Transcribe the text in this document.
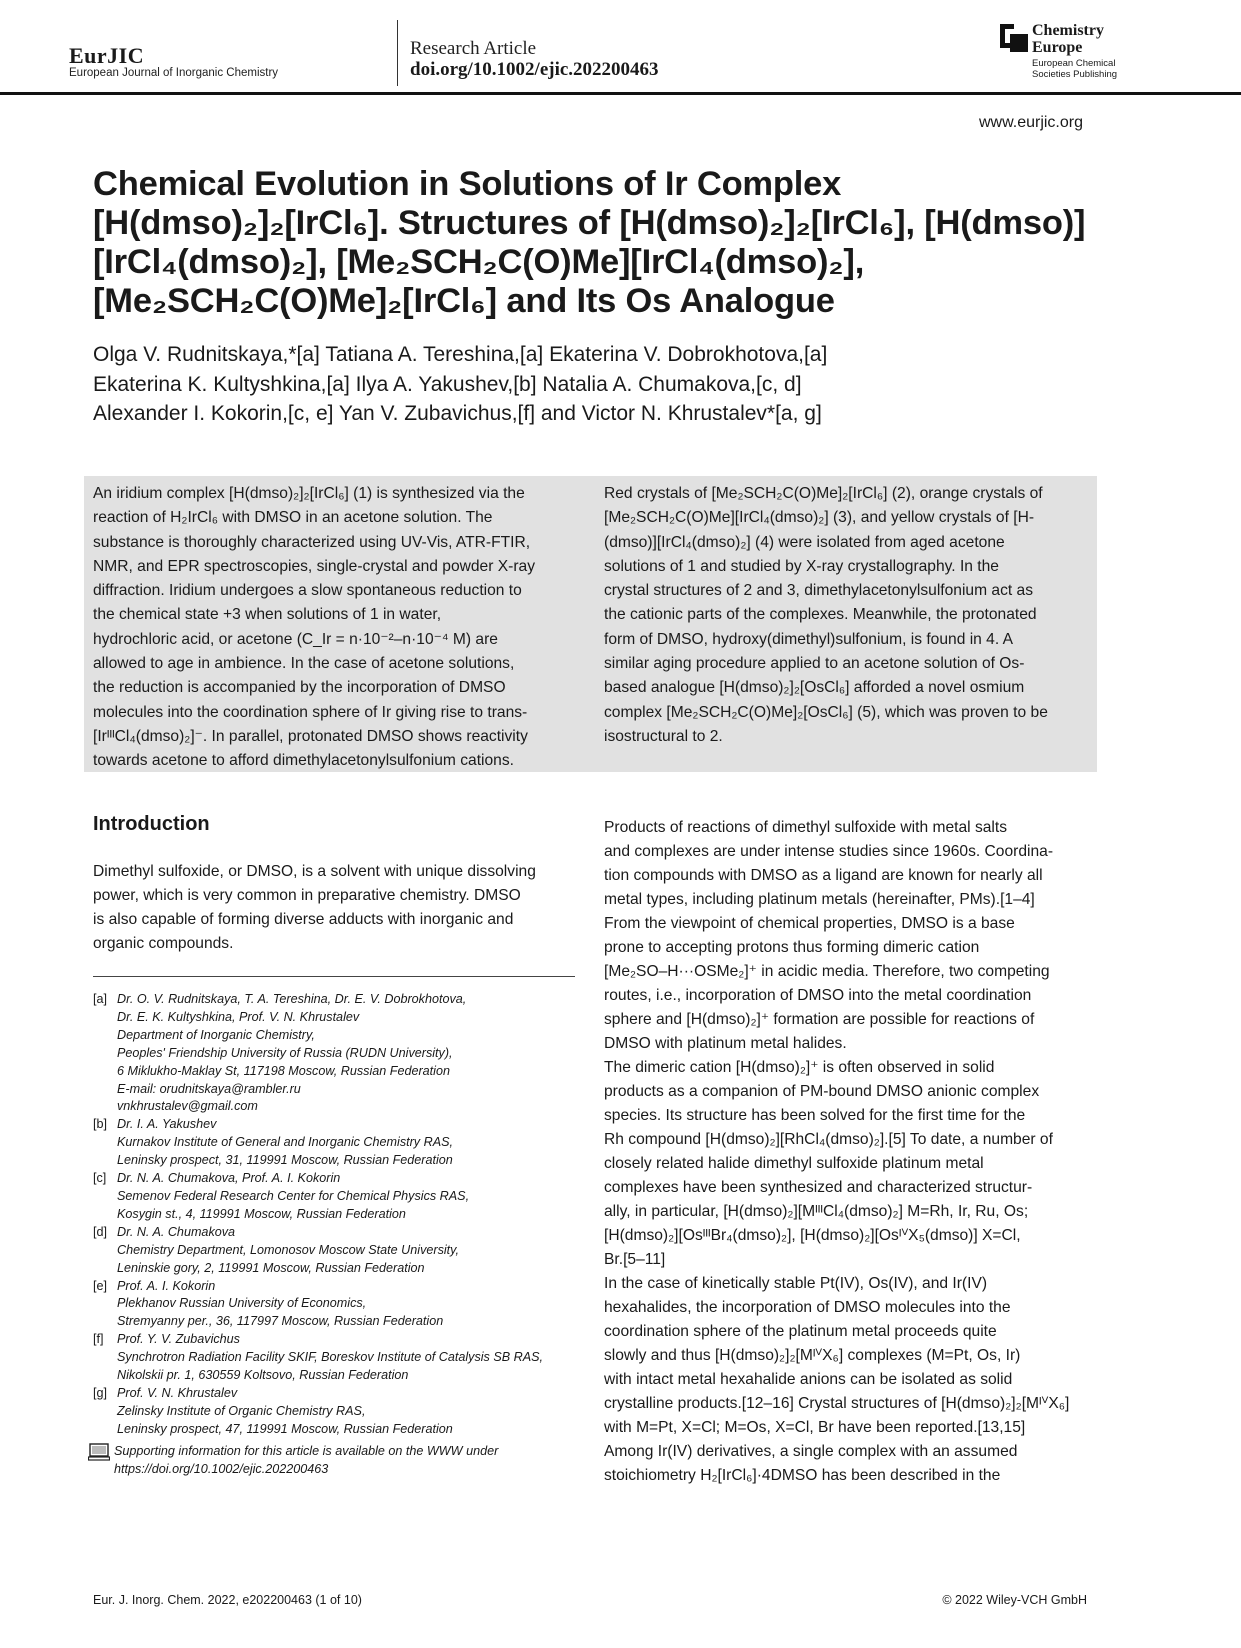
EurJIC
European Journal of Inorganic Chemistry
Research Article
doi.org/10.1002/ejic.202200463
Chemistry
Europe
European Chemical
Societies Publishing
www.eurjic.org
Chemical Evolution in Solutions of Ir Complex [H(dmso)₂]₂[IrCl₆]. Structures of [H(dmso)₂]₂[IrCl₆], [H(dmso)][IrCl₄(dmso)₂], [Me₂SCH₂C(O)Me][IrCl₄(dmso)₂], [Me₂SCH₂C(O)Me]₂[IrCl₆] and Its Os Analogue
Olga V. Rudnitskaya,*[a] Tatiana A. Tereshina,[a] Ekaterina V. Dobrokhotova,[a]
Ekaterina K. Kultyshkina,[a] Ilya A. Yakushev,[b] Natalia A. Chumakova,[c, d]
Alexander I. Kokorin,[c, e] Yan V. Zubavichus,[f] and Victor N. Khrustalev*[a, g]
An iridium complex [H(dmso)₂]₂[IrCl₆] (1) is synthesized via the
reaction of H₂IrCl₆ with DMSO in an acetone solution. The
substance is thoroughly characterized using UV-Vis, ATR-FTIR,
NMR, and EPR spectroscopies, single-crystal and powder X-ray
diffraction. Iridium undergoes a slow spontaneous reduction to
the chemical state +3 when solutions of 1 in water,
hydrochloric acid, or acetone (C_Ir = n·10⁻²–n·10⁻⁴ M) are
allowed to age in ambience. In the case of acetone solutions,
the reduction is accompanied by the incorporation of DMSO
molecules into the coordination sphere of Ir giving rise to trans-
[IrᴵᴵᴵCl₄(dmso)₂]⁻. In parallel, protonated DMSO shows reactivity
towards acetone to afford dimethylacetonylsulfonium cations.
Red crystals of [Me₂SCH₂C(O)Me]₂[IrCl₆] (2), orange crystals of
[Me₂SCH₂C(O)Me][IrCl₄(dmso)₂] (3), and yellow crystals of [H-
(dmso)][IrCl₄(dmso)₂] (4) were isolated from aged acetone
solutions of 1 and studied by X-ray crystallography. In the
crystal structures of 2 and 3, dimethylacetonylsulfonium act as
the cationic parts of the complexes. Meanwhile, the protonated
form of DMSO, hydroxy(dimethyl)sulfonium, is found in 4. A
similar aging procedure applied to an acetone solution of Os-
based analogue [H(dmso)₂]₂[OsCl₆] afforded a novel osmium
complex [Me₂SCH₂C(O)Me]₂[OsCl₆] (5), which was proven to be
isostructural to 2.
Introduction
Dimethyl sulfoxide, or DMSO, is a solvent with unique dissolving
power, which is very common in preparative chemistry. DMSO
is also capable of forming diverse adducts with inorganic and
organic compounds.
[a] Dr. O. V. Rudnitskaya, T. A. Tereshina, Dr. E. V. Dobrokhotova,
Dr. E. K. Kultyshkina, Prof. V. N. Khrustalev
Department of Inorganic Chemistry,
Peoples' Friendship University of Russia (RUDN University),
6 Miklukho-Maklay St, 117198 Moscow, Russian Federation
E-mail: orudnitskaya@rambler.ru
vnkhrustalev@gmail.com
[b] Dr. I. A. Yakushev
Kurnakov Institute of General and Inorganic Chemistry RAS,
Leninsky prospect, 31, 119991 Moscow, Russian Federation
[c] Dr. N. A. Chumakova, Prof. A. I. Kokorin
Semenov Federal Research Center for Chemical Physics RAS,
Kosygin st., 4, 119991 Moscow, Russian Federation
[d] Dr. N. A. Chumakova
Chemistry Department, Lomonosov Moscow State University,
Leninskie gory, 2, 119991 Moscow, Russian Federation
[e] Prof. A. I. Kokorin
Plekhanov Russian University of Economics,
Stremyanny per., 36, 117997 Moscow, Russian Federation
[f]	Prof. Y. V. Zubavichus
Synchrotron Radiation Facility SKIF, Boreskov Institute of Catalysis SB RAS,
Nikolskii pr. 1, 630559 Koltsovo, Russian Federation
[g] Prof. V. N. Khrustalev
Zelinsky Institute of Organic Chemistry RAS,
Leninsky prospect, 47, 119991 Moscow, Russian Federation
Supporting information for this article is available on the WWW under
https://doi.org/10.1002/ejic.202200463
Products of reactions of dimethyl sulfoxide with metal salts
and complexes are under intense studies since 1960s. Coordina-
tion compounds with DMSO as a ligand are known for nearly all
metal types, including platinum metals (hereinafter, PMs).[1–4]
From the viewpoint of chemical properties, DMSO is a base
prone to accepting protons thus forming dimeric cation
[Me₂SO–H···OSMe₂]⁺ in acidic media. Therefore, two competing
routes, i.e., incorporation of DMSO into the metal coordination
sphere and [H(dmso)₂]⁺ formation are possible for reactions of
DMSO with platinum metal halides.
The dimeric cation [H(dmso)₂]⁺ is often observed in solid
products as a companion of PM-bound DMSO anionic complex
species. Its structure has been solved for the first time for the
Rh compound [H(dmso)₂][RhCl₄(dmso)₂].[5] To date, a number of
closely related halide dimethyl sulfoxide platinum metal
complexes have been synthesized and characterized structur-
ally, in particular, [H(dmso)₂][MᴵᴵᴵCl₄(dmso)₂] M=Rh, Ir, Ru, Os;
[H(dmso)₂][OsᴵᴵᴵBr₄(dmso)₂], [H(dmso)₂][OsᴵⱽX₅(dmso)] X=Cl,
Br.[5–11]
In the case of kinetically stable Pt(IV), Os(IV), and Ir(IV)
hexahalides, the incorporation of DMSO molecules into the
coordination sphere of the platinum metal proceeds quite
slowly and thus [H(dmso)₂]₂[MᴵⱽX₆] complexes (M=Pt, Os, Ir)
with intact metal hexahalide anions can be isolated as solid
crystalline products.[12–16] Crystal structures of [H(dmso)₂]₂[MᴵⱽX₆]
with M=Pt, X=Cl; M=Os, X=Cl, Br have been reported.[13,15]
Among Ir(IV) derivatives, a single complex with an assumed
stoichiometry H₂[IrCl₆]·4DMSO has been described in the
Eur. J. Inorg. Chem. 2022, e202200463 (1 of 10)	© 2022 Wiley-VCH GmbH
